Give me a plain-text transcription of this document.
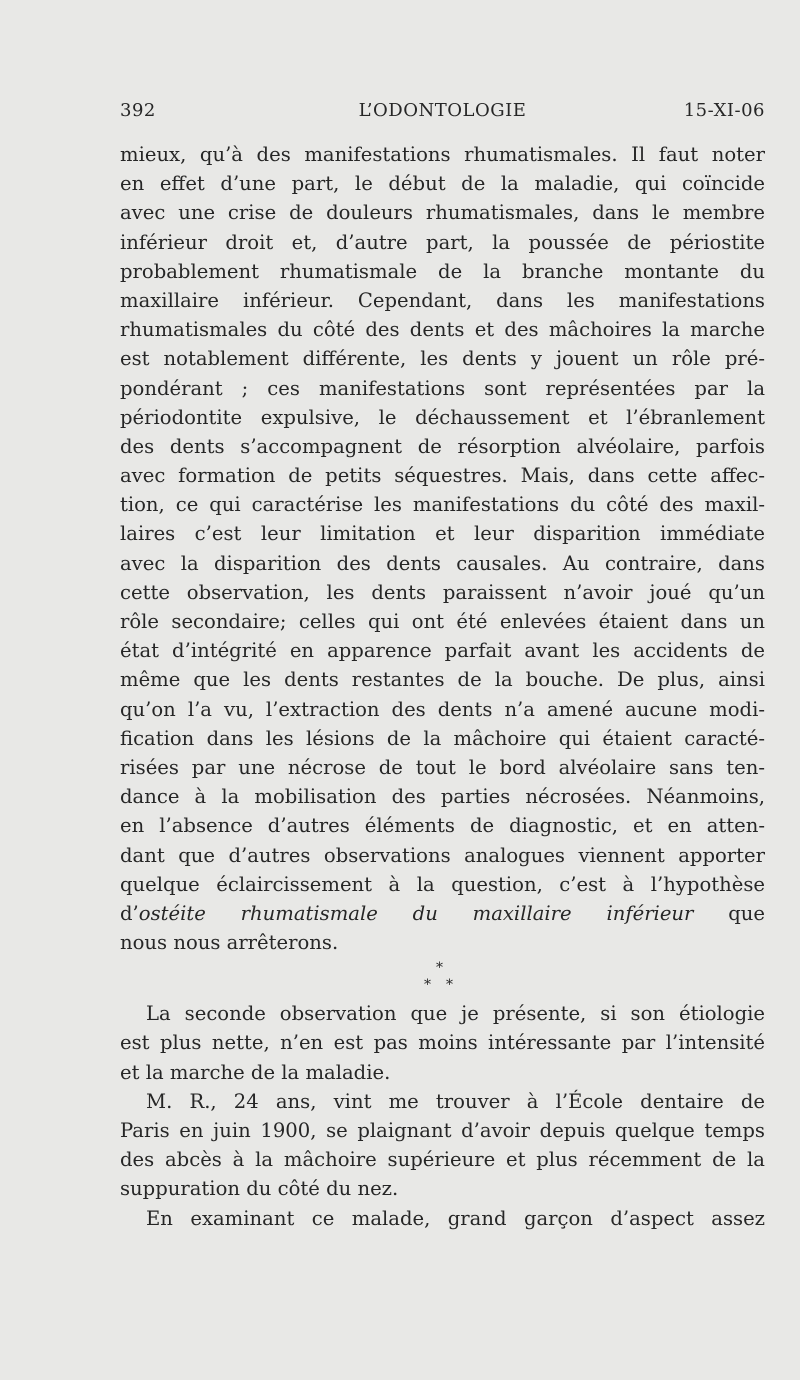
392	L’ODONTOLOGIE	15-XI-06
mieux, qu’à des manifestations rhumatismales. Il faut noter
en effet d’une part, le début de la maladie, qui coïncide
avec une crise de douleurs rhumatismales, dans le membre
inférieur droit et, d’autre part, la poussée de périostite
probablement rhumatismale de la branche montante du
maxillaire inférieur. Cependant, dans les manifestations
rhumatismales du côté des dents et des mâchoires la marche
est notablement différente, les dents y jouent un rôle pré-
pondérant ; ces manifestations sont représentées par la
périodontite expulsive, le déchaussement et l’ébranlement
des dents s’accompagnent de résorption alvéolaire, parfois
avec formation de petits séquestres. Mais, dans cette affec-
tion, ce qui caractérise les manifestations du côté des maxil-
laires c’est leur limitation et leur disparition immédiate
avec la disparition des dents causales. Au contraire, dans
cette observation, les dents paraissent n’avoir joué qu’un
rôle secondaire; celles qui ont été enlevées étaient dans un
état d’intégrité en apparence parfait avant les accidents de
même que les dents restantes de la bouche. De plus, ainsi
qu’on l’a vu, l’extraction des dents n’a amené aucune modi-
fication dans les lésions de la mâchoire qui étaient caracté-
risées par une nécrose de tout le bord alvéolaire sans ten-
dance à la mobilisation des parties nécrosées. Néanmoins,
en l’absence d’autres éléments de diagnostic, et en atten-
dant que d’autres observations analogues viennent apporter
quelque éclaircissement à la question, c’est à l’hypothèse
d’ostéite rhumatismale du maxillaire inférieur que
nous nous arrêterons.
*
* *
La seconde observation que je présente, si son étiologie
est plus nette, n’en est pas moins intéressante par l’intensité
et la marche de la maladie.
M. R., 24 ans, vint me trouver à l’École dentaire de
Paris en juin 1900, se plaignant d’avoir depuis quelque temps
des abcès à la mâchoire supérieure et plus récemment de la
suppuration du côté du nez.
En examinant ce malade, grand garçon d’aspect assez
